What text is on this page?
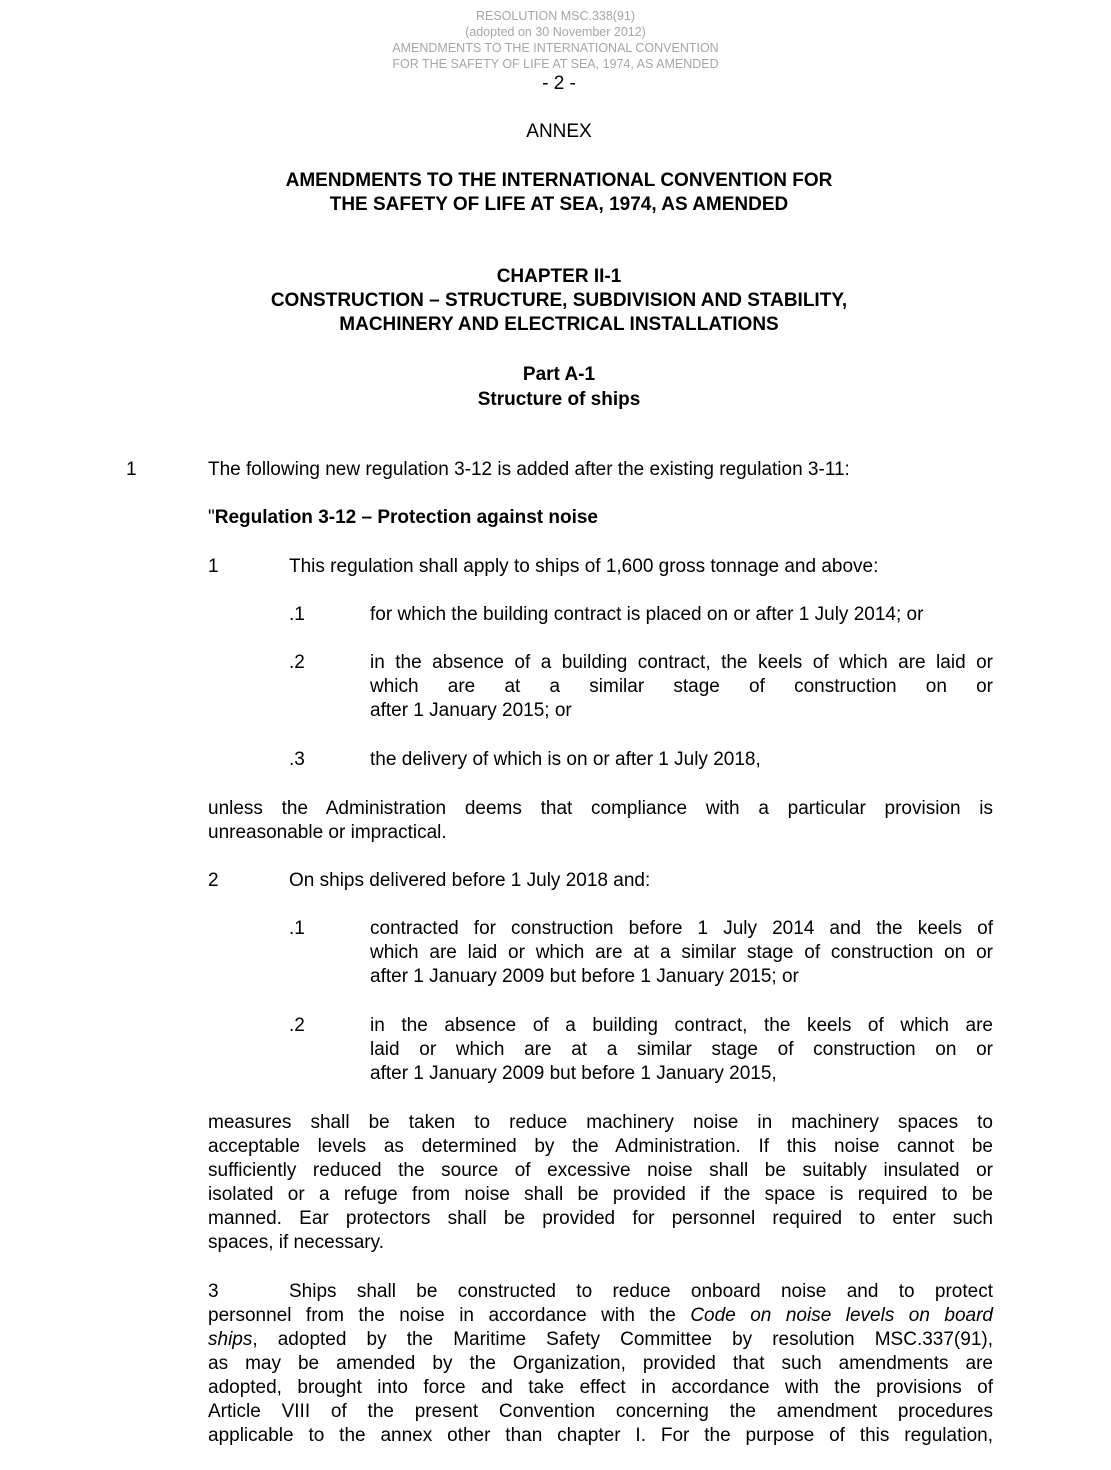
RESOLUTION MSC.338(91)
(adopted on 30 November 2012)
AMENDMENTS TO THE INTERNATIONAL CONVENTION
FOR THE SAFETY OF LIFE AT SEA, 1974, AS AMENDED
- 2 -
ANNEX
AMENDMENTS TO THE INTERNATIONAL CONVENTION FOR
THE SAFETY OF LIFE AT SEA, 1974, AS AMENDED
CHAPTER II-1
CONSTRUCTION – STRUCTURE, SUBDIVISION AND STABILITY,
MACHINERY AND ELECTRICAL INSTALLATIONS
Part A-1
Structure of ships
1	The following new regulation 3-12 is added after the existing regulation 3-11:
"Regulation 3-12 – Protection against noise
1	This regulation shall apply to ships of 1,600 gross tonnage and above:
.1	for which the building contract is placed on or after 1 July 2014; or
.2	in the absence of a building contract, the keels of which are laid or
which are at a similar stage of construction on or
after 1 January 2015; or
.3	the delivery of which is on or after 1 July 2018,
unless the Administration deems that compliance with a particular provision is
unreasonable or impractical.
2	On ships delivered before 1 July 2018 and:
.1	contracted for construction before 1 July 2014 and the keels of
which are laid or which are at a similar stage of construction on or
after 1 January 2009 but before 1 January 2015; or
.2	in the absence of a building contract, the keels of which are
laid or which are at a similar stage of construction on or
after 1 January 2009 but before 1 January 2015,
measures shall be taken to reduce machinery noise in machinery spaces to
acceptable levels as determined by the Administration. If this noise cannot be
sufficiently reduced the source of excessive noise shall be suitably insulated or
isolated or a refuge from noise shall be provided if the space is required to be
manned. Ear protectors shall be provided for personnel required to enter such
spaces, if necessary.
3	Ships shall be constructed to reduce onboard noise and to protect
personnel from the noise in accordance with the Code on noise levels on board
ships, adopted by the Maritime Safety Committee by resolution MSC.337(91),
as may be amended by the Organization, provided that such amendments are
adopted, brought into force and take effect in accordance with the provisions of
Article VIII of the present Convention concerning the amendment procedures
applicable to the annex other than chapter I. For the purpose of this regulation,
